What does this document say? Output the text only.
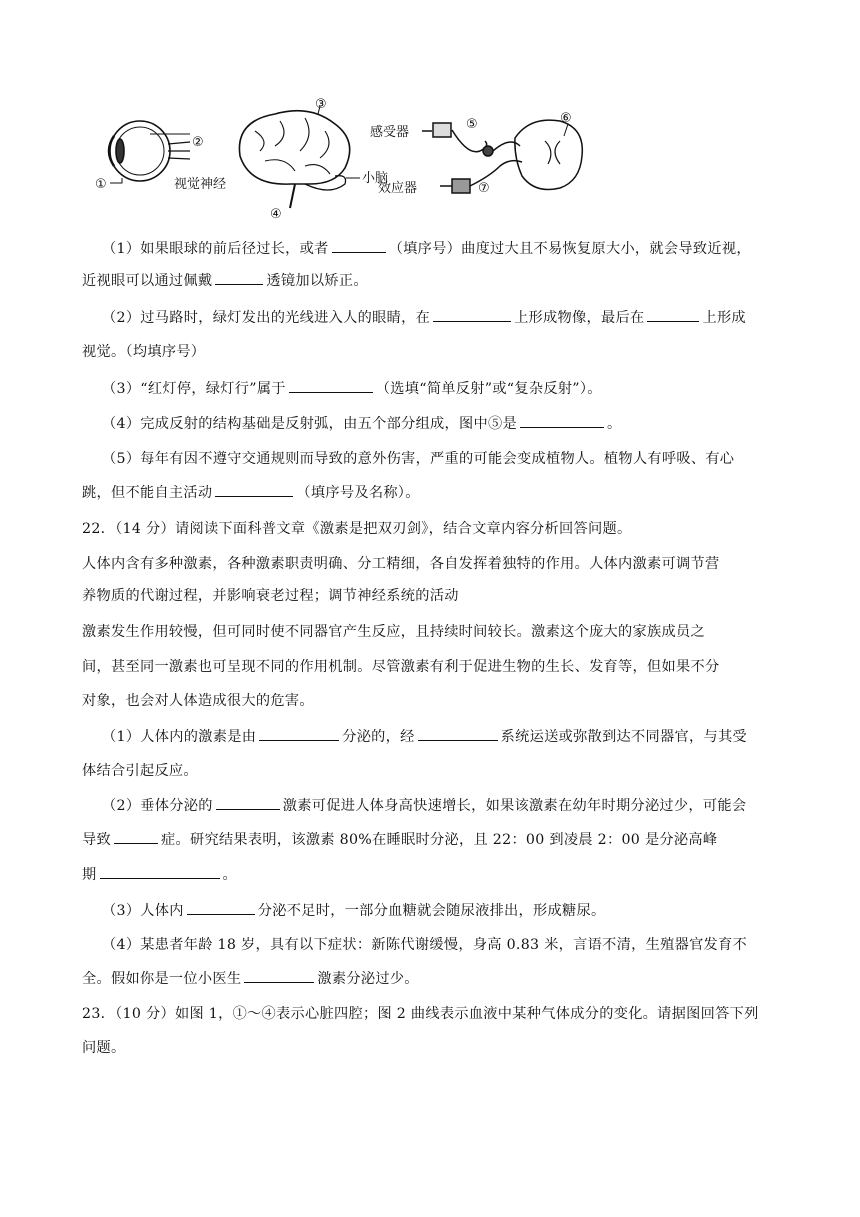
①
②
视觉神经
③
小脑
④
感受器
效应器
⑤	⑥
⑦
（1）如果眼球的前后径过长，或者	（填序号）曲度过大且不易恢复原大小，就会导致近视，
近视眼可以通过佩戴	透镜加以矫正。
（2）过马路时，绿灯发出的光线进入人的眼睛，在	上形成物像，最后在	上形成
视觉。（均填序号）
（3）“红灯停，绿灯行”属于	（选填“简单反射”或“复杂反射”）。
（4）完成反射的结构基础是反射弧，由五个部分组成，图中⑤是	。
（5）每年有因不遵守交通规则而导致的意外伤害，严重的可能会变成植物人。植物人有呼吸、有心
跳，但不能自主活动	（填序号及名称）。
22．（14 分）请阅读下面科普文章《激素是把双刃剑》，结合文章内容分析回答问题。
人体内含有多种激素，各种激素职责明确、分工精细，各自发挥着独特的作用。人体内激素可调节营
养物质的代谢过程，并影响衰老过程；调节神经系统的活动
激素发生作用较慢，但可同时使不同器官产生反应，且持续时间较长。激素这个庞大的家族成员之
间，甚至同一激素也可呈现不同的作用机制。尽管激素有利于促进生物的生长、发育等，但如果不分
对象，也会对人体造成很大的危害。
（1）人体内的激素是由	分泌的，经	系统运送或弥散到达不同器官，与其受
体结合引起反应。
（2）垂体分泌的	激素可促进人体身高快速增长，如果该激素在幼年时期分泌过少，可能会
导致	症。研究结果表明，该激素 80%在睡眠时分泌，且 22：00 到凌晨 2：00 是分泌高峰
期	。
（3）人体内	分泌不足时，一部分血糖就会随尿液排出，形成糖尿。
（4）某患者年龄 18 岁，具有以下症状：新陈代谢缓慢，身高 0.83 米，言语不清，生殖器官发育不
全。假如你是一位小医生	激素分泌过少。
23．（10 分）如图 1，①～④表示心脏四腔；图 2 曲线表示血液中某种气体成分的变化。请据图回答下列
问题。
